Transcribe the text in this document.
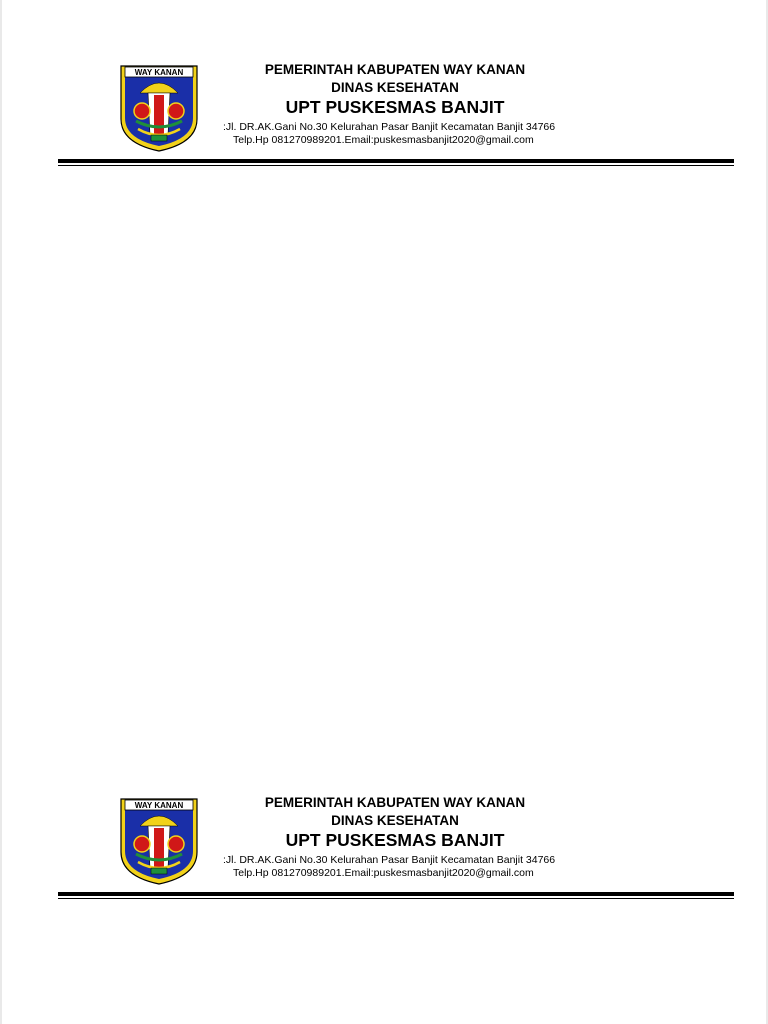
WAY KANAN	PEMERINTAH KABUPATEN WAY KANAN
DINAS KESEHATAN
UPT PUSKESMAS BANJIT
:Jl. DR.AK.Gani No.30 Kelurahan Pasar Banjit Kecamatan Banjit 34766
Telp.Hp 081270989201.Email:puskesmasbanjit2020@gmail.com
WAY KANAN	PEMERINTAH KABUPATEN WAY KANAN
DINAS KESEHATAN
UPT PUSKESMAS BANJIT
:Jl. DR.AK.Gani No.30 Kelurahan Pasar Banjit Kecamatan Banjit 34766
Telp.Hp 081270989201.Email:puskesmasbanjit2020@gmail.com
